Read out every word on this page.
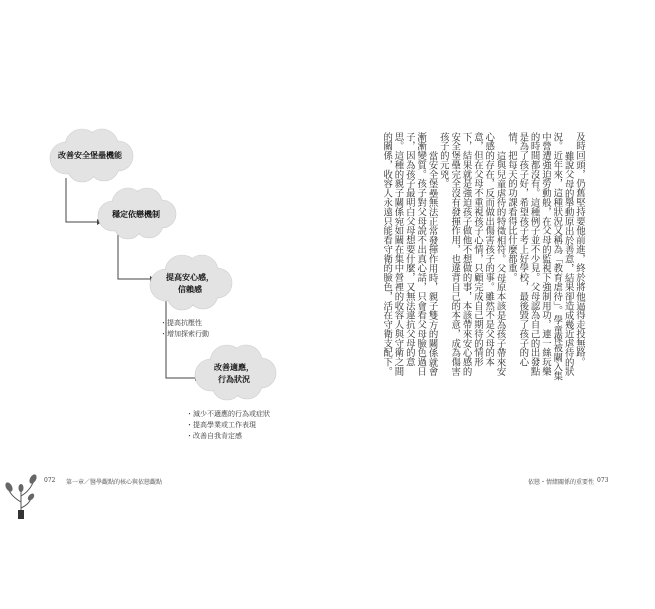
改善安全堡壘機能
穩定依戀機制
提高安心感，
信賴感
・提高抗壓性
・增加探索行動
改善適應，
行為狀況
・減少不適應的行為或症狀
・提高學業或工作表現
・改善自我肯定感

及時回頭，仍舊堅持要他前進，終於將他逼得走投無路。

雖說父母的舉動原出於善意，結果卻造成幾近虐待的狀況。近年來，這種狀況又稱為「教育虐待」。學童像被關入集中營遭強迫勞動般，在父母的監視下強制用功，連一絲玩樂的時間都沒有。這種例子並不少見。父母認為自己的出發點是為了孩子好，希望孩子考上好學校，最後毀了孩子的心情，把每天的功課看得比什麼都重。

這與兒童虐待的特徵相符。父母原本該是為孩子帶來安心感的存在，反而做出傷害孩子的事。雖然不是父母的本意，但在父母不重視孩子心情，只顧完成自己期待的情形下，結果就是強迫孩子做他不想做的事，本該帶來安心感的安全堡壘完全沒有發揮作用，也違背自己的本意，成為傷害孩子的元兇。

當安全堡壘無法正常發揮作用時，親子雙方的關係就會漸漸變質。孩子對父母說不出真心話，只會看父母臉色過日子，因為孩子最明白父母想要什麼，又無法違抗父母的意思。這種的親子關係宛如關在集中營裡的收容人與守衛之間的關係，收容人永遠只能看守衛的臉色，活在守衛支配下。

072 第一章／醫學觀點的核心與依戀觀點	依戀・情緒關係的重要性 073
